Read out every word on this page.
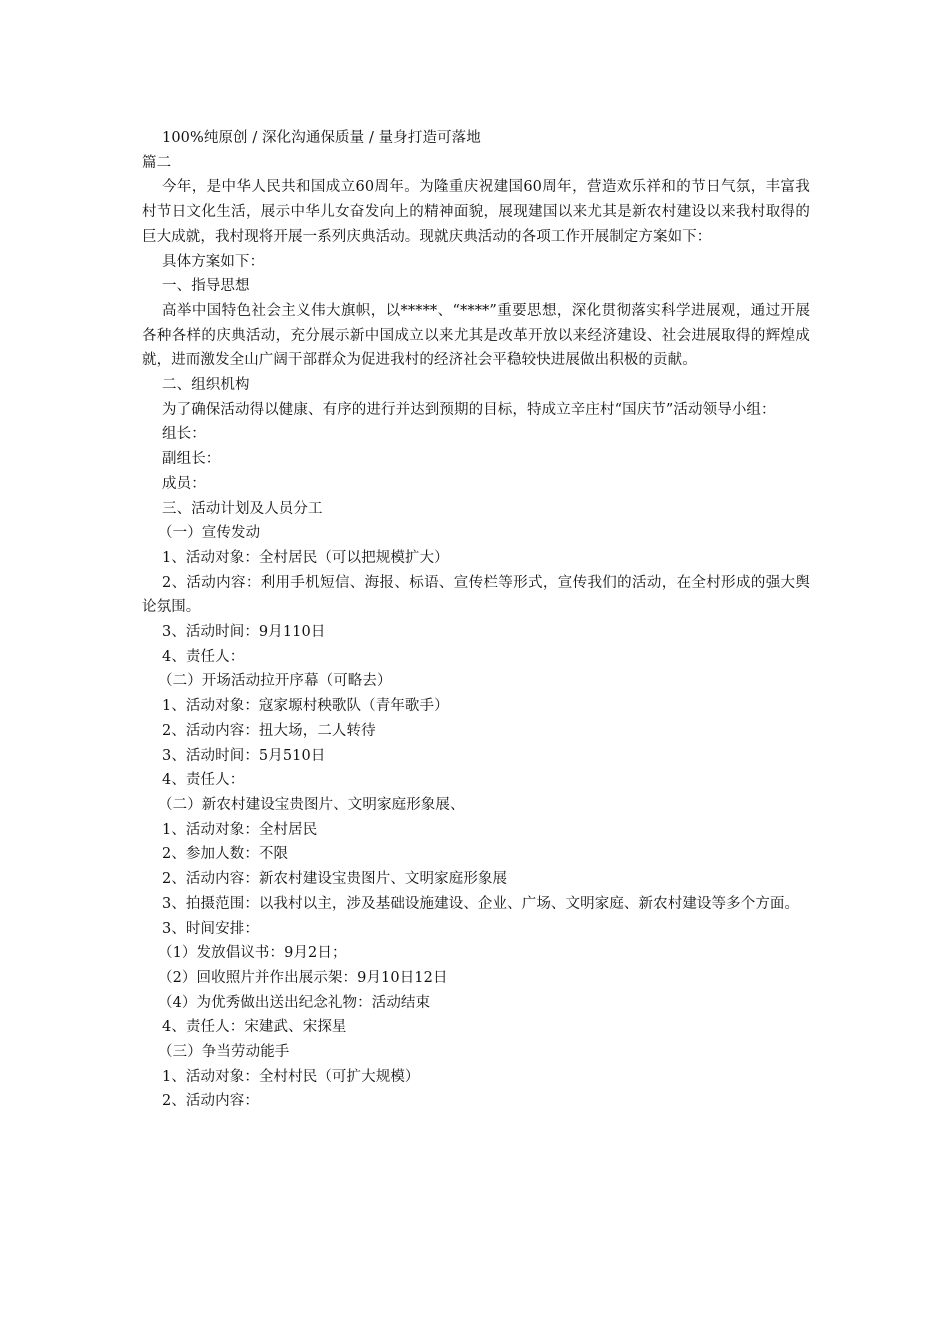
100%纯原创 / 深化沟通保质量 / 量身打造可落地

篇二

今年，是中华人民共和国成立60周年。为隆重庆祝建国60周年，营造欢乐祥和的节日气氛，丰富我村节日文化生活，展示中华儿女奋发向上的精神面貌，展现建国以来尤其是新农村建设以来我村取得的巨大成就，我村现将开展一系列庆典活动。现就庆典活动的各项工作开展制定方案如下：

具体方案如下：

一、指导思想

高举中国特色社会主义伟大旗帜，以*****、“****”重要思想，深化贯彻落实科学进展观，通过开展各种各样的庆典活动，充分展示新中国成立以来尤其是改革开放以来经济建设、社会进展取得的辉煌成就，进而激发全山广阔干部群众为促进我村的经济社会平稳较快进展做出积极的贡献。

二、组织机构

为了确保活动得以健康、有序的进行并达到预期的目标，特成立辛庄村“国庆节”活动领导小组：

组长：

副组长：

成员：

三、活动计划及人员分工

（一）宣传发动

1、活动对象：全村居民（可以把规模扩大）

2、活动内容：利用手机短信、海报、标语、宣传栏等形式，宣传我们的活动，在全村形成的强大舆论氛围。

3、活动时间：9月110日

4、责任人：

（二）开场活动拉开序幕（可略去）

1、活动对象：寇家塬村秧歌队（青年歌手）

2、活动内容：扭大场，二人转待

3、活动时间：5月510日

4、责任人：

（二）新农村建设宝贵图片、文明家庭形象展、

1、活动对象：全村居民

2、参加人数：不限

2、活动内容：新农村建设宝贵图片、文明家庭形象展

3、拍摄范围：以我村以主，涉及基础设施建设、企业、广场、文明家庭、新农村建设等多个方面。

3、时间安排：

（1）发放倡议书：9月2日；

（2）回收照片并作出展示架：9月10日12日

（4）为优秀做出送出纪念礼物：活动结束

4、责任人：宋建武、宋探星

（三）争当劳动能手

1、活动对象：全村村民（可扩大规模）

2、活动内容：
